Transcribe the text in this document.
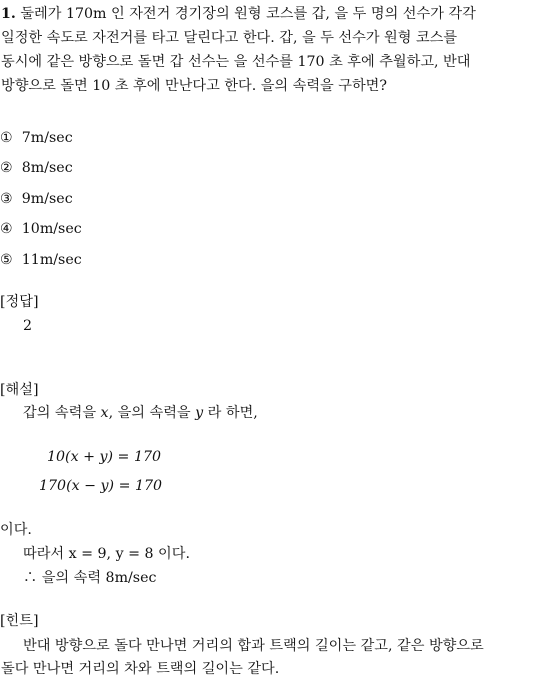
1. 둘레가 170m 인 자전거 경기장의 원형 코스를 갑, 을 두 명의 선수가 각각
일정한 속도로 자전거를 타고 달린다고 한다. 갑, 을 두 선수가 원형 코스를
동시에 같은 방향으로 돌면 갑 선수는 을 선수를 170 초 후에 추월하고, 반대
방향으로 돌면 10 초 후에 만난다고 한다. 을의 속력을 구하면?
① 7m/sec
② 8m/sec
③ 9m/sec
④ 10m/sec
⑤ 11m/sec
[정답]
2
[해설]
갑의 속력을 x, 을의 속력을 y 라 하면,
10(x + y) = 170
170(x − y) = 170
이다.
따라서 x = 9, y = 8 이다.
∴ 을의 속력 8m/sec
[힌트]
반대 방향으로 돌다 만나면 거리의 합과 트랙의 길이는 같고, 같은 방향으로
돌다 만나면 거리의 차와 트랙의 길이는 같다.
